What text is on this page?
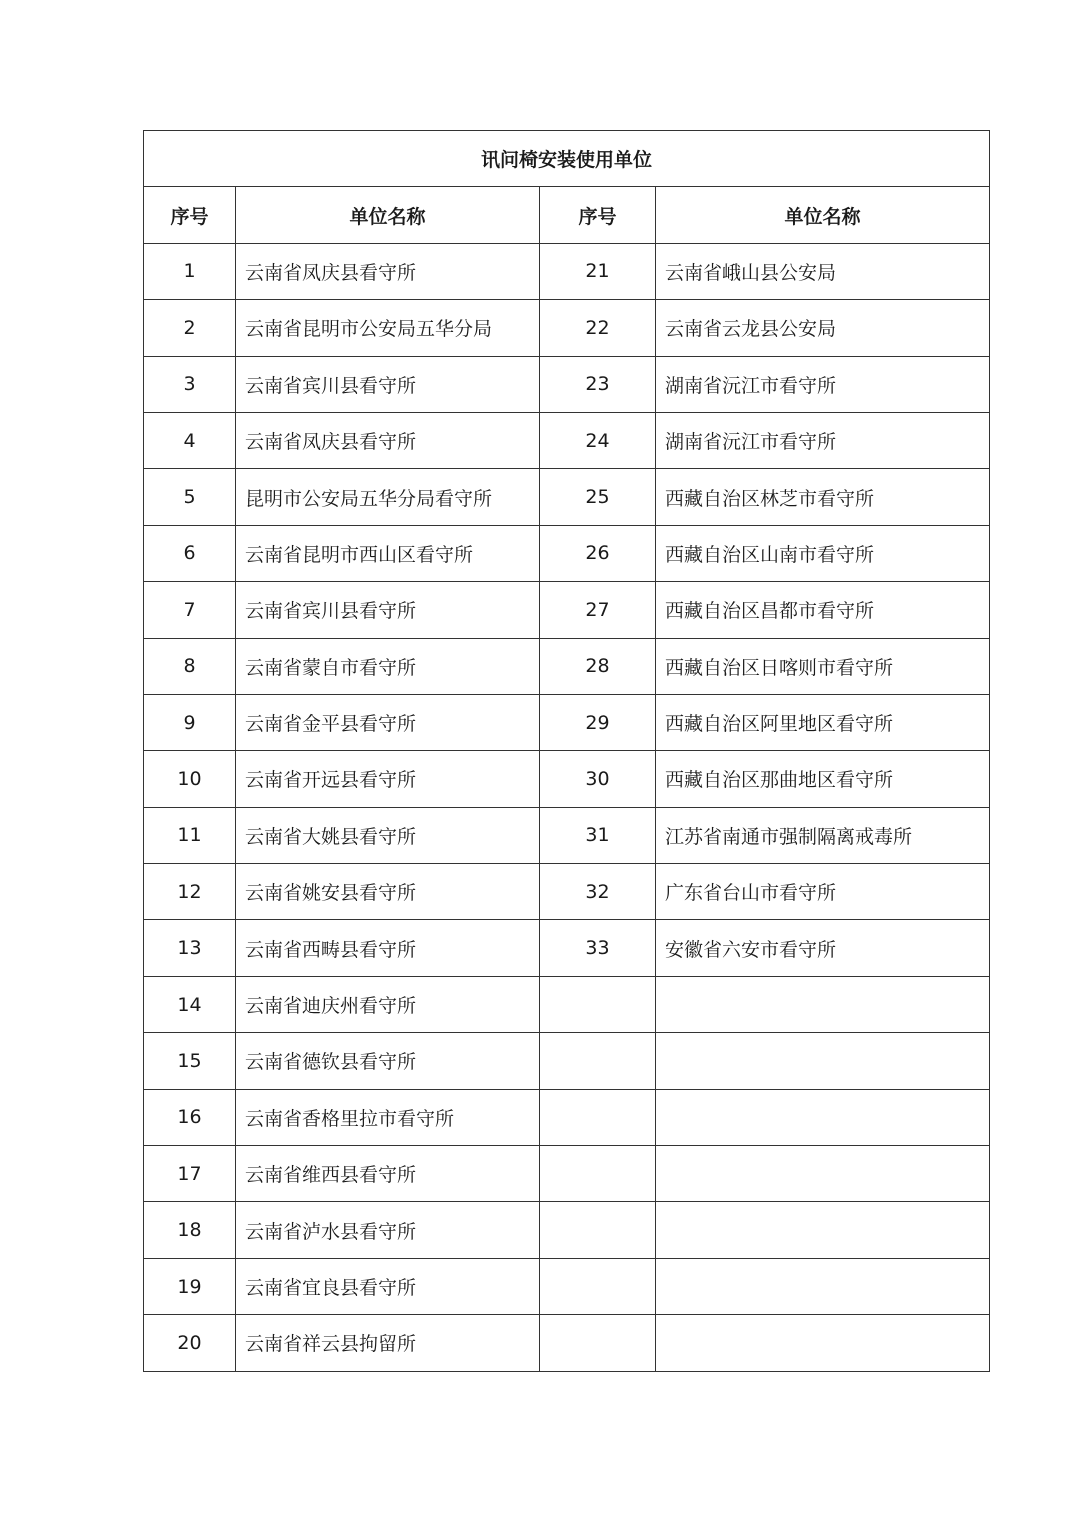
讯问椅安装使用单位			
序号	单位名称	序号	单位名称
1	云南省凤庆县看守所	21	云南省峨山县公安局
2	云南省昆明市公安局五华分局	22	云南省云龙县公安局
3	云南省宾川县看守所	23	湖南省沅江市看守所
4	云南省凤庆县看守所	24	湖南省沅江市看守所
5	昆明市公安局五华分局看守所	25	西藏自治区林芝市看守所
6	云南省昆明市西山区看守所	26	西藏自治区山南市看守所
7	云南省宾川县看守所	27	西藏自治区昌都市看守所
8	云南省蒙自市看守所	28	西藏自治区日喀则市看守所
9	云南省金平县看守所	29	西藏自治区阿里地区看守所
10	云南省开远县看守所	30	西藏自治区那曲地区看守所
11	云南省大姚县看守所	31	江苏省南通市强制隔离戒毒所
12	云南省姚安县看守所	32	广东省台山市看守所
13	云南省西畴县看守所	33	安徽省六安市看守所
14	云南省迪庆州看守所		
15	云南省德钦县看守所		
16	云南省香格里拉市看守所		
17	云南省维西县看守所		
18	云南省泸水县看守所		
19	云南省宜良县看守所		
20	云南省祥云县拘留所		
